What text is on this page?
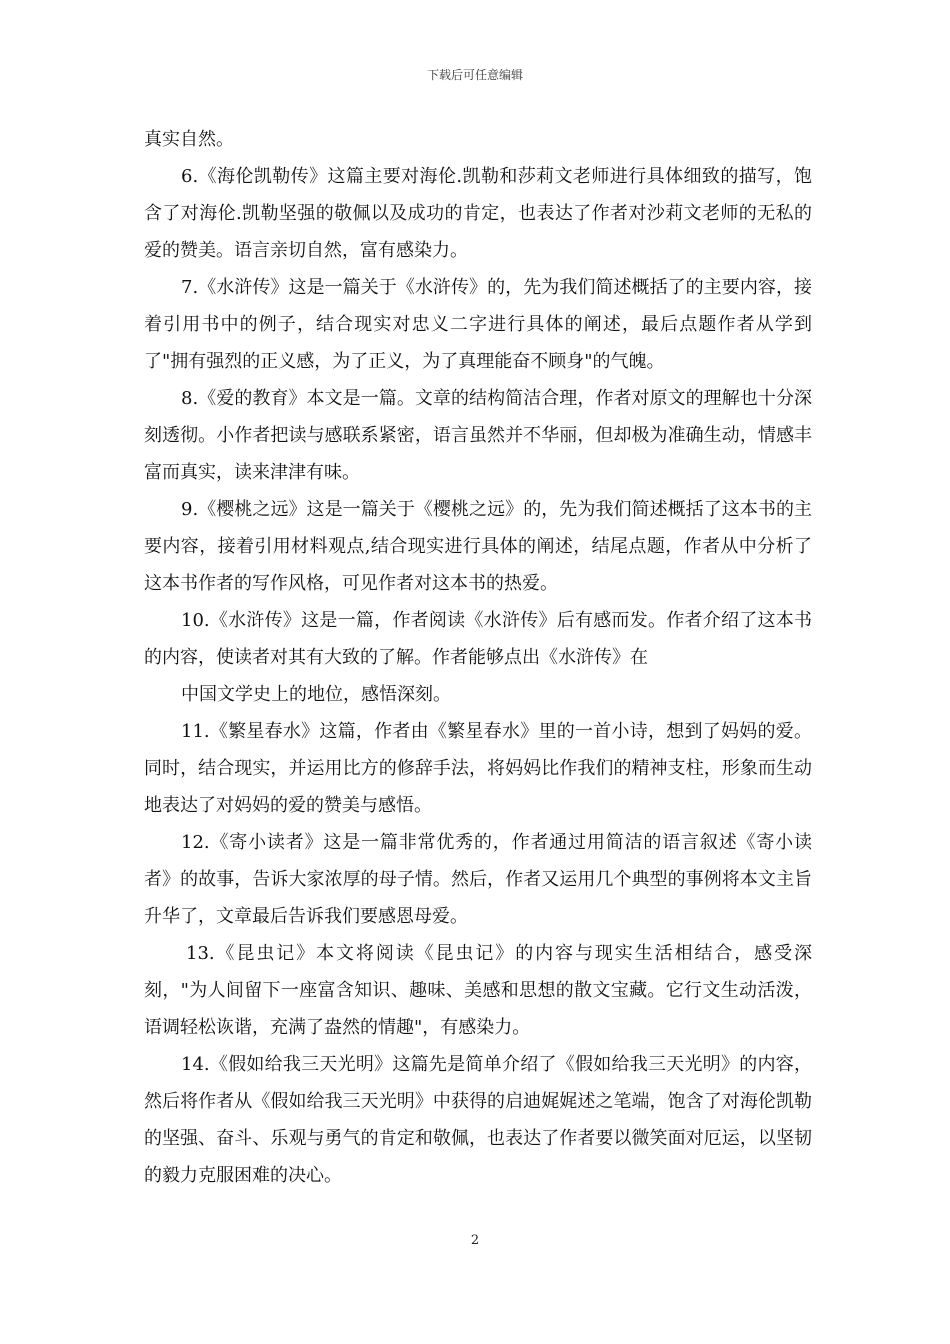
下载后可任意编辑

真实自然。

6.《海伦凯勒传》这篇主要对海伦.凯勒和莎莉文老师进行具体细致的描写，饱含了对海伦.凯勒坚强的敬佩以及成功的肯定，也表达了作者对沙莉文老师的无私的爱的赞美。语言亲切自然，富有感染力。

7.《水浒传》这是一篇关于《水浒传》的，先为我们简述概括了的主要内容，接着引用书中的例子，结合现实对忠义二字进行具体的阐述，最后点题作者从学到了"拥有强烈的正义感，为了正义，为了真理能奋不顾身"的气魄。

8.《爱的教育》本文是一篇。文章的结构简洁合理，作者对原文的理解也十分深刻透彻。小作者把读与感联系紧密，语言虽然并不华丽，但却极为准确生动，情感丰富而真实，读来津津有味。

9.《樱桃之远》这是一篇关于《樱桃之远》的，先为我们简述概括了这本书的主要内容，接着引用材料观点,结合现实进行具体的阐述，结尾点题，作者从中分析了这本书作者的写作风格，可见作者对这本书的热爱。

10.《水浒传》这是一篇，作者阅读《水浒传》后有感而发。作者介绍了这本书的内容，使读者对其有大致的了解。作者能够点出《水浒传》在

中国文学史上的地位，感悟深刻。

11.《繁星春水》这篇，作者由《繁星春水》里的一首小诗，想到了妈妈的爱。同时，结合现实，并运用比方的修辞手法，将妈妈比作我们的精神支柱，形象而生动地表达了对妈妈的爱的赞美与感悟。

12.《寄小读者》这是一篇非常优秀的，作者通过用简洁的语言叙述《寄小读者》的故事，告诉大家浓厚的母子情。然后，作者又运用几个典型的事例将本文主旨升华了，文章最后告诉我们要感恩母爱。

13.《昆虫记》本文将阅读《昆虫记》的内容与现实生活相结合，感受深刻，"为人间留下一座富含知识、趣味、美感和思想的散文宝藏。它行文生动活泼，语调轻松诙谐，充满了盎然的情趣"，有感染力。

14.《假如给我三天光明》这篇先是简单介绍了《假如给我三天光明》的内容，然后将作者从《假如给我三天光明》中获得的启迪娓娓述之笔端，饱含了对海伦凯勒的坚强、奋斗、乐观与勇气的肯定和敬佩，也表达了作者要以微笑面对厄运，以坚韧的毅力克服困难的决心。

2
